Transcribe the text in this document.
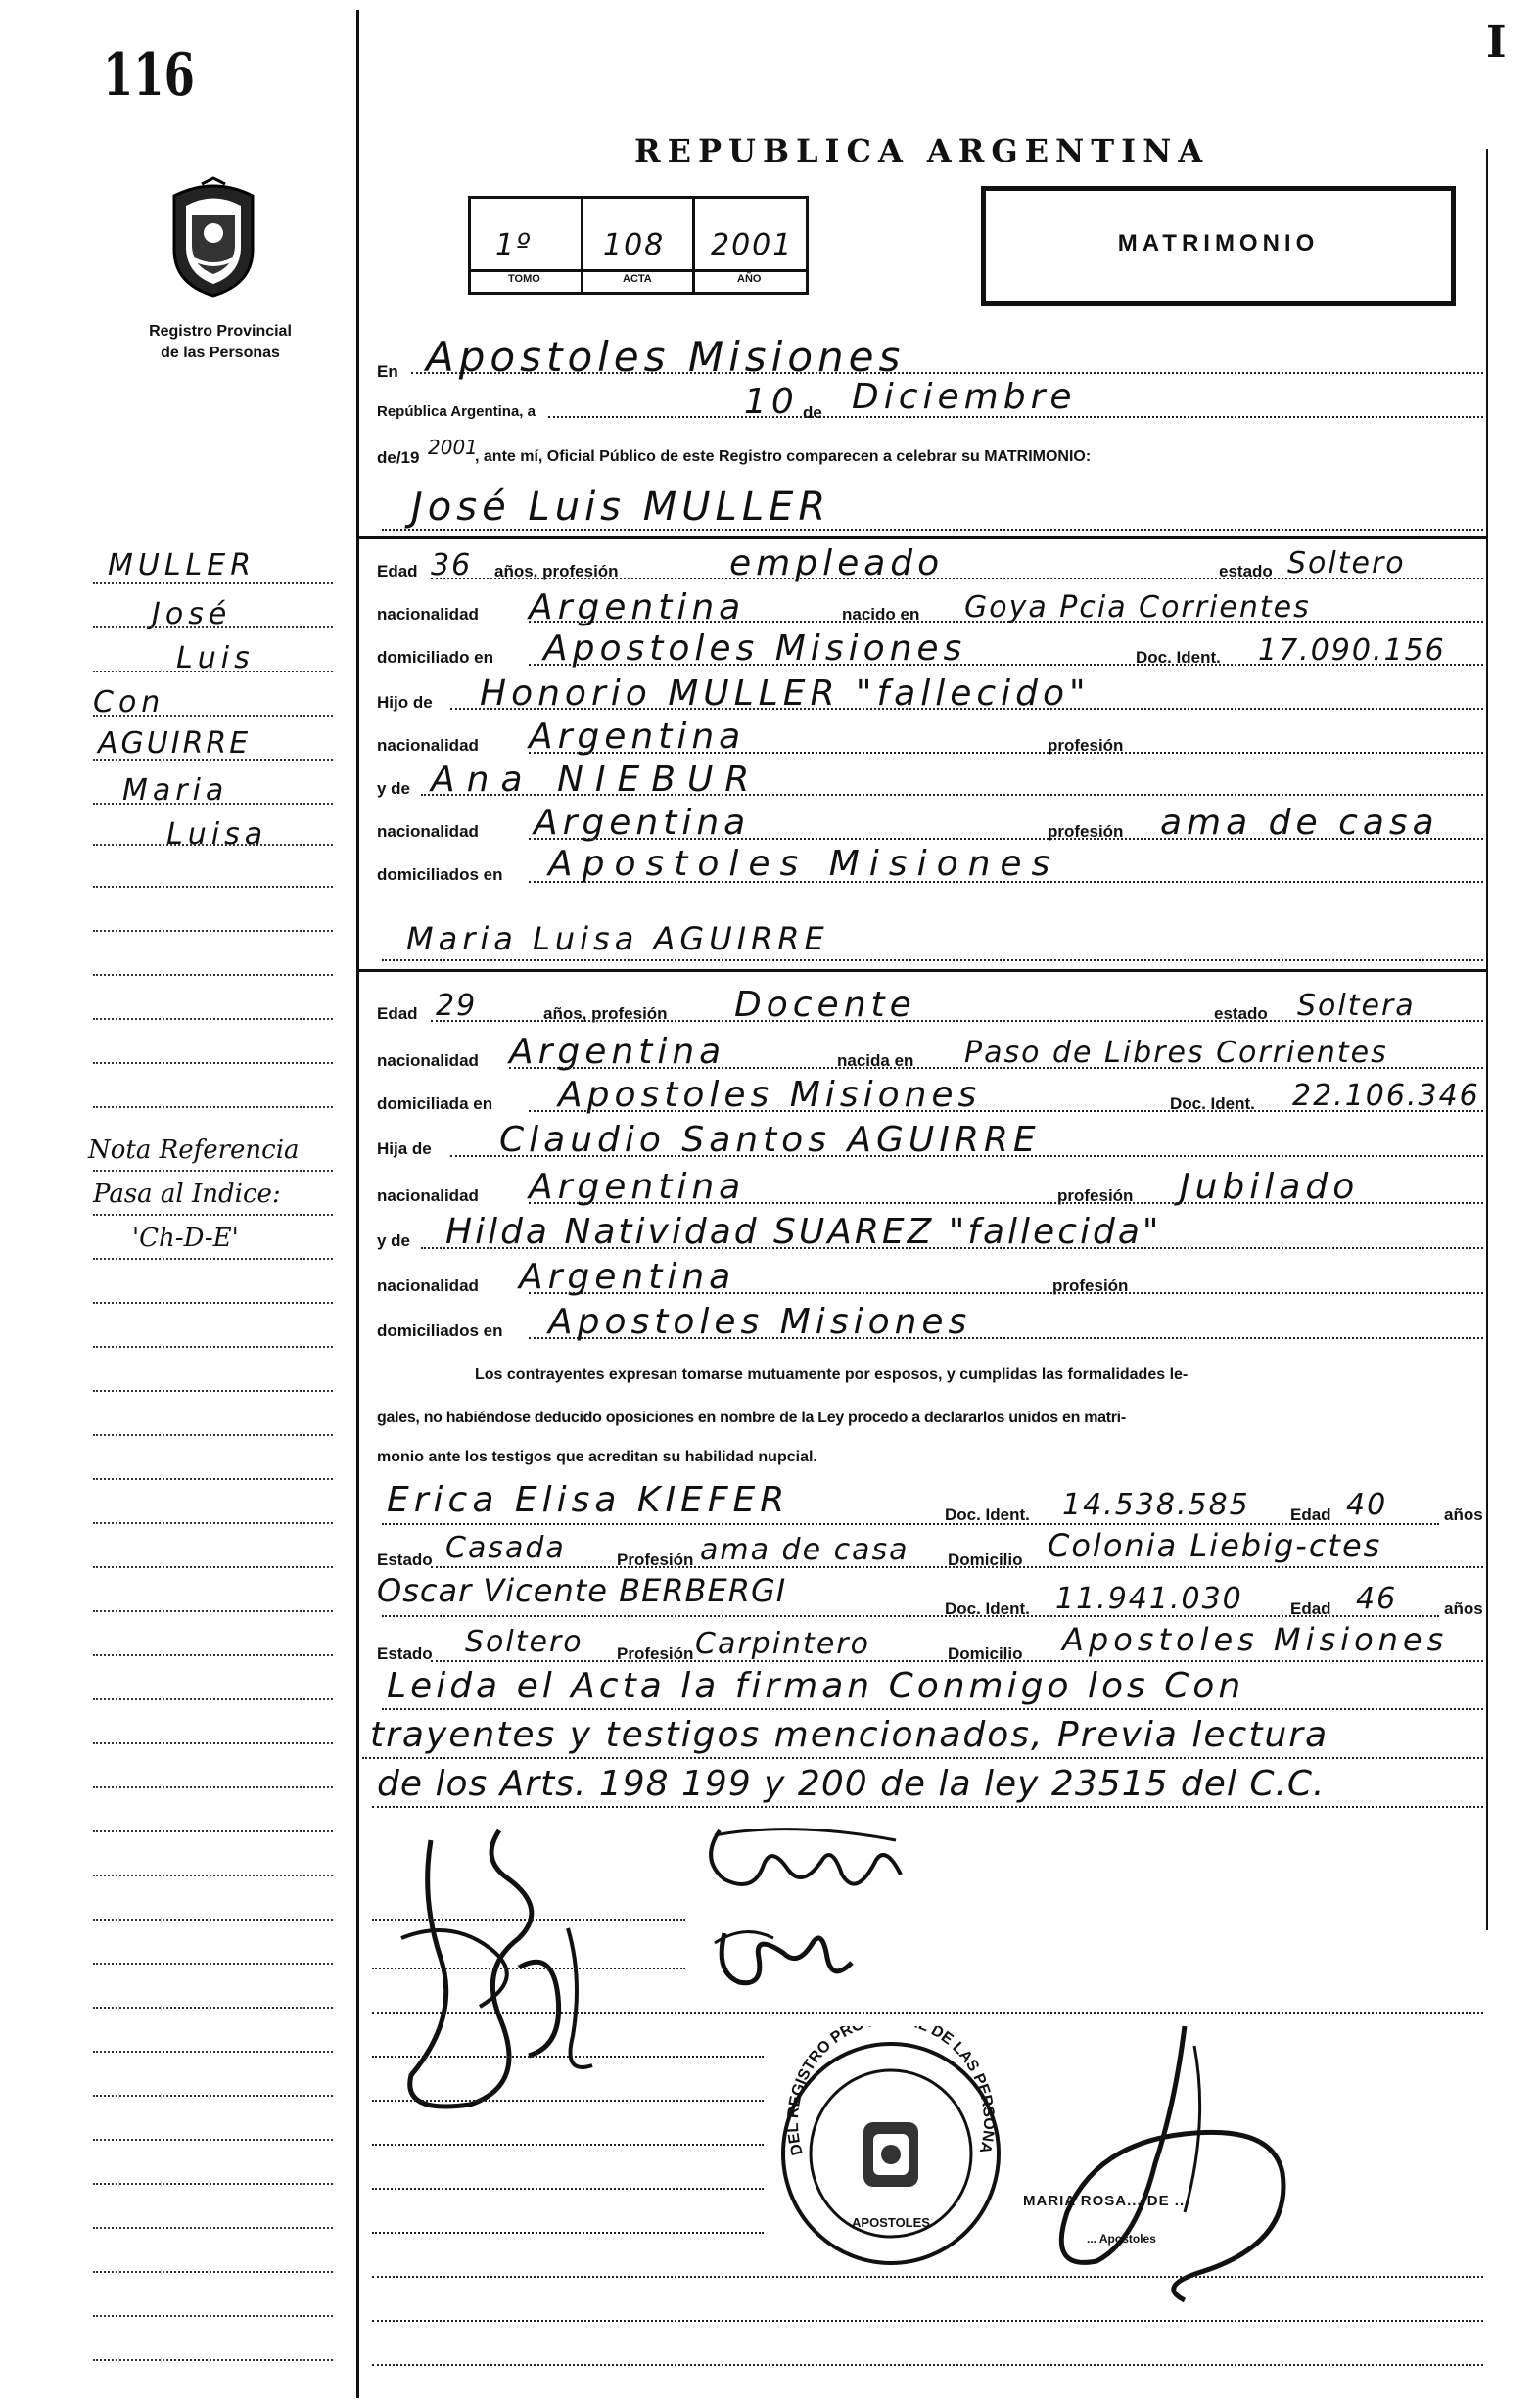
116	I
Registro Provincial
de las Personas
REPUBLICA ARGENTINA
1º 108 2001
TOMO	ACTA	AÑO
MATRIMONIO
MULLER
José
Luis
Con
AGUIRRE
Maria
Luisa
Nota Referencia
Pasa al Indice:
'Ch-D-E'
En Apostoles Misiones
República Argentina, a	10 de Diciembre
de/19 2001
, ante mí, Oficial Público de este Registro comparecen a celebrar su MATRIMONIO:
José Luis MULLER
Edad 36 años, profesión	empleado	estado Soltero
nacionalidad Argentina	nacido en Goya Pcia Corrientes
domiciliado en Apostoles Misiones	Doc. Ident. 17.090.156
Hijo de Honorio MULLER "fallecido"
nacionalidad Argentina	profesión
y de Ana NIEBUR
nacionalidad Argentina	profesión ama de casa
domiciliados en Apostoles Misiones
Maria Luisa AGUIRRE
Edad 29	años, profesión Docente	estado Soltera
nacionalidad Argentina	nacida en Paso de Libres Corrientes
domiciliada en Apostoles Misiones	Doc. Ident. 22.106.346
Hija de Claudio Santos AGUIRRE
nacionalidad Argentina	profesión Jubilado
y de Hilda Natividad SUAREZ "fallecida"
nacionalidad Argentina	profesión
domiciliados en Apostoles Misiones
Los contrayentes expresan tomarse mutuamente por esposos, y cumplidas las formalidades le-
gales, no habiéndose deducido oposiciones en nombre de la Ley procedo a declararlos unidos en matri-
monio ante los testigos que acreditan su habilidad nupcial.
Erica Elisa KIEFER	Doc. Ident. 14.538.585 Edad 40	años
Estado Casada	Profesión ama de casa Domicilio Colonia Liebig-ctes
Oscar Vicente BERBERGI	Doc. Ident. 11.941.030	Edad 46	años
Estado Soltero Profesión Carpintero	Domicilio Apostoles Misiones
Leida el Acta la firman Conmigo los Con
trayentes y testigos mencionados, Previa lectura
de los Arts. 198 199 y 200 de la ley 23515 del C.C.
DEL REGISTRO PR DE LAS PERSONA
APOSTOLES
MARIA ROSA... DE ...
... Apostoles
